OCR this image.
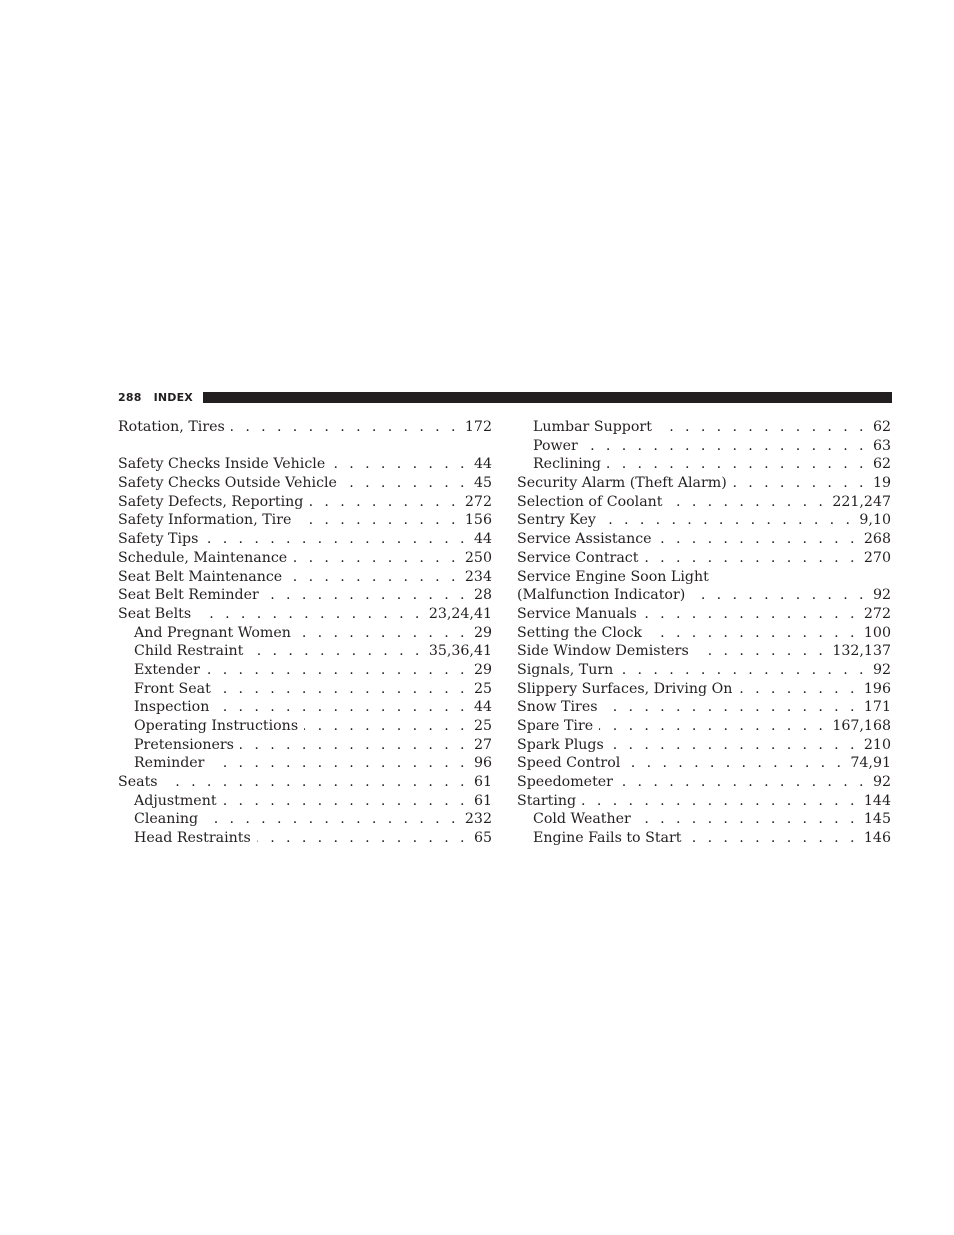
288 INDEX
Rotation, Tires . . .	172
Safety Checks Inside Vehicle . . .	44
Safety Checks Outside Vehicle . . .	45
Safety Defects, Reporting . . .	272
Safety Information, Tire . . .	156
Safety Tips . . .	44
Schedule, Maintenance . . .	250
Seat Belt Maintenance . . .	234
Seat Belt Reminder . . .	28
Seat Belts . . .	23,24,41
And Pregnant Women . . .	29
Child Restraint . . .	35,36,41
Extender . . .	29
Front Seat . . .	25
Inspection . . .	44
Operating Instructions . . .	25
Pretensioners . . .	27
Reminder . . .	96
Seats . . .	61
Adjustment . . .	61
Cleaning . . .	232
Head Restraints . . .	65
Lumbar Support . . .	62
Power . . .	63
Reclining . . .	62
Security Alarm (Theft Alarm) . . .	19
Selection of Coolant . . .	221,247
Sentry Key . . .	9,10
Service Assistance . . .	268
Service Contract . . .	270
Service Engine Soon Light
(Malfunction Indicator) . . .	92
Service Manuals . . .	272
Setting the Clock . . .	100
Side Window Demisters . . .	132,137
Signals, Turn . . .	92
Slippery Surfaces, Driving On . . .	196
Snow Tires . . .	171
Spare Tire . . .	167,168
Spark Plugs . . .	210
Speed Control . . .	74,91
Speedometer . . .	92
Starting . . .	144
Cold Weather . . .	145
Engine Fails to Start . . .	146
